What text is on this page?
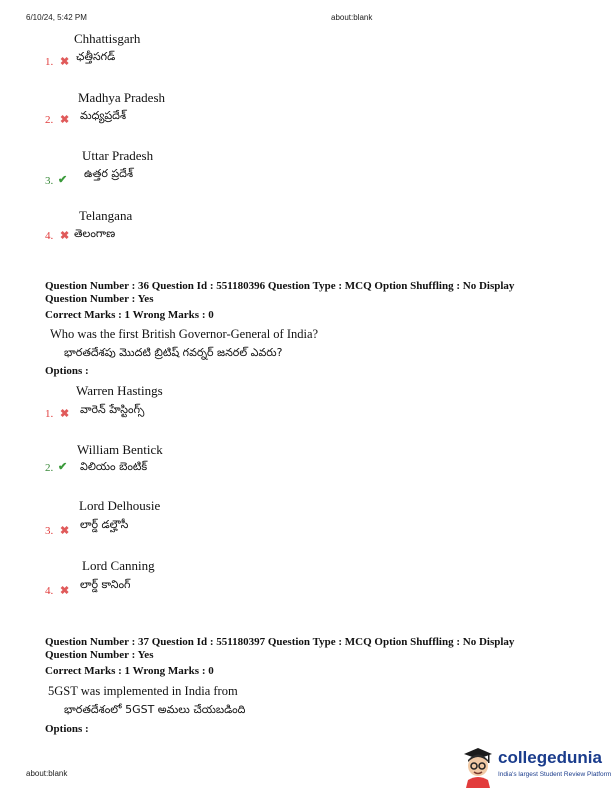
6/10/24, 5:42 PM	about:blank
Chhattisgarh
1. ✖ ఛత్తీసగడ్
Madhya Pradesh
2. ✖ మధ్యప్రదేశ్
Uttar Pradesh
3. ✔ ఉత్తర ప్రదేశ్
Telangana
4. ✖ తెలంగాణ
Question Number : 36 Question Id : 551180396 Question Type : MCQ Option Shuffling : No Display
Question Number : Yes
Correct Marks : 1 Wrong Marks : 0
Who was the first British Governor-General of India?
భారతదేశపు మొదటి బ్రిటిష్ గవర్నర్ జనరల్ ఎవరు?
Options :
Warren Hastings
1. ✖ వారెన్ హేస్టింగ్స్
William Bentick
2. ✔ విలియం బెంటిక్
Lord Delhousie
3. ✖ లార్డ్ డల్హౌసీ
Lord Canning
4. ✖ లార్డ్ కానింగ్
Question Number : 37 Question Id : 551180397 Question Type : MCQ Option Shuffling : No Display
Question Number : Yes
Correct Marks : 1 Wrong Marks : 0
5GST was implemented in India from
భారతదేశంలో 5GST అమలు చేయబడింది
Options :
about:blank
collegedunia
India's largest Student Review Platform
